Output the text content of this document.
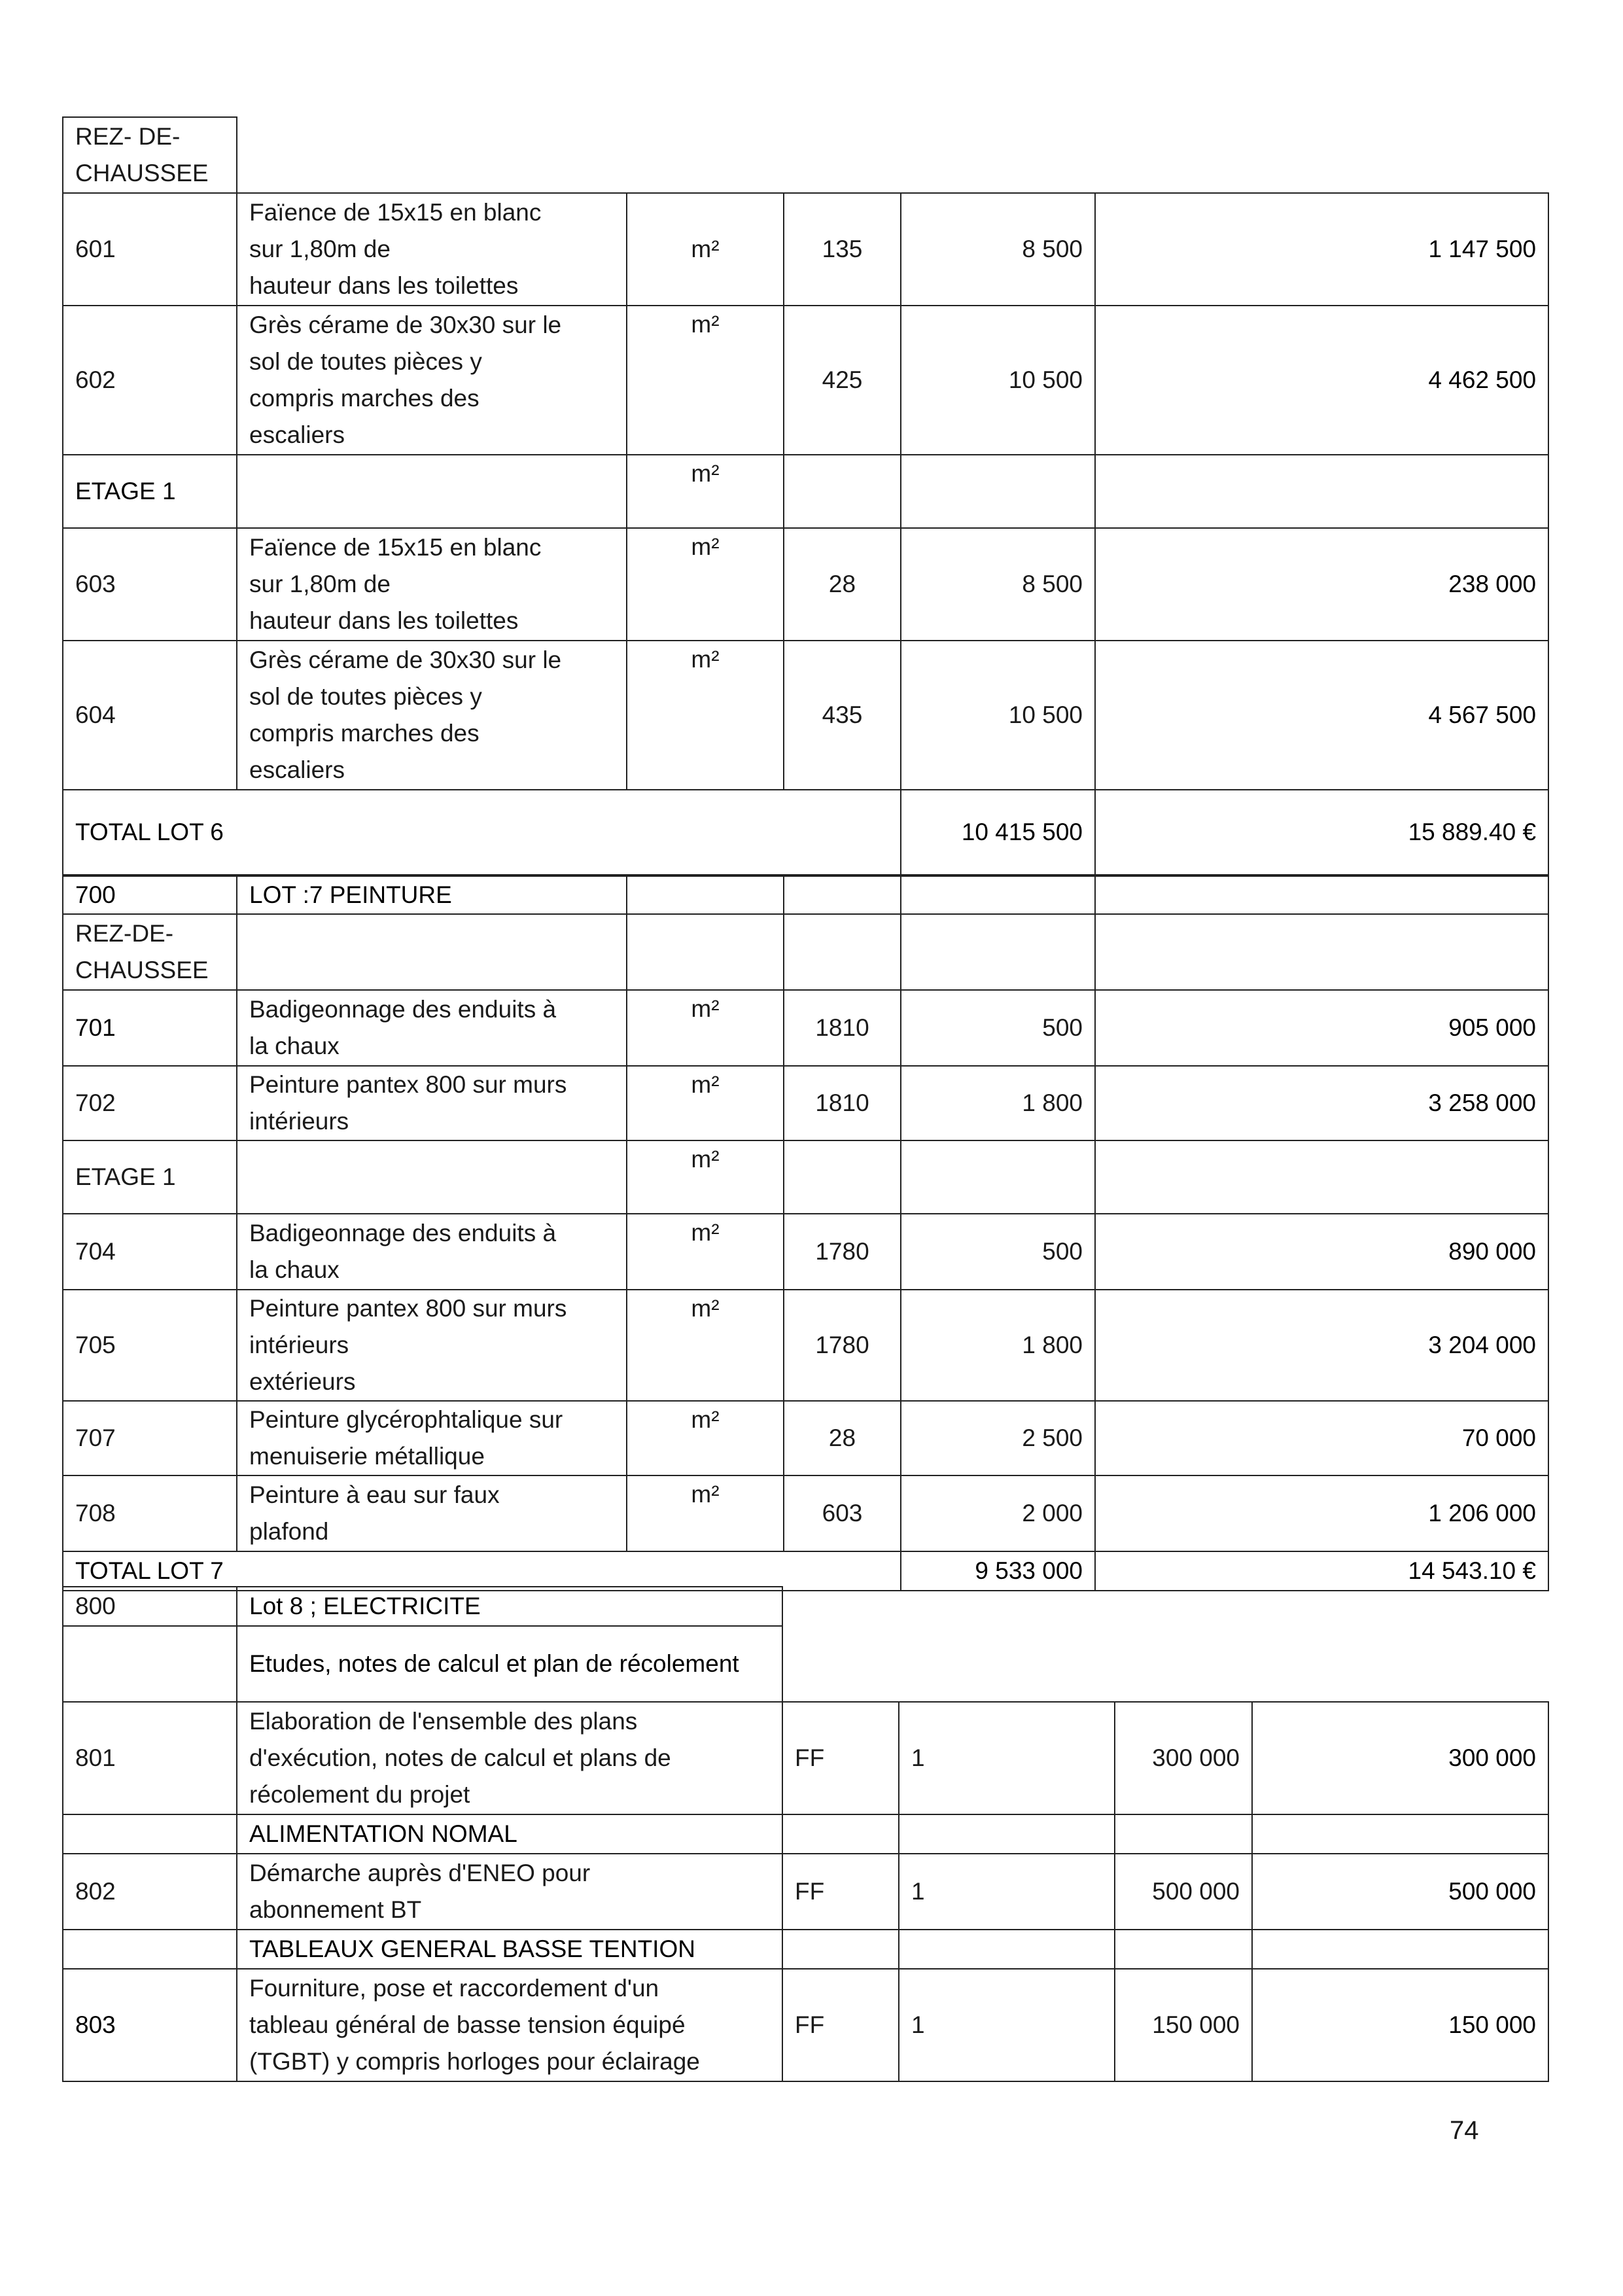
REZ- DE-CHAUSSEE					
601	Faïence de 15x15 en blanc
sur 1,80m de
hauteur dans les toilettes	m²	135	8 500	1 147 500
602	Grès cérame de 30x30 sur le
sol de toutes pièces y
compris marches des
escaliers	m²	425	10 500	4 462 500
ETAGE 1		m²			
603	Faïence de 15x15 en blanc
sur 1,80m de
hauteur dans les toilettes	m²	28	8 500	238 000
604	Grès cérame de 30x30 sur le
sol de toutes pièces y
compris marches des
escaliers	m²	435	10 500	4 567 500
TOTAL LOT 6				10 415 500	15 889.40 €
700	LOT :7 PEINTURE				
REZ-DE-CHAUSSEE					
701	Badigeonnage des enduits à
la chaux	m²	1810	500	905 000
702	Peinture pantex 800 sur murs
intérieurs	m²	1810	1 800	3 258 000
ETAGE 1		m²			
704	Badigeonnage des enduits à
la chaux	m²	1780	500	890 000
705	Peinture pantex 800 sur murs
intérieurs
extérieurs	m²	1780	1 800	3 204 000
707	Peinture glycérophtalique sur
menuiserie métallique	m²	28	2 500	70 000
708	Peinture à eau sur faux
plafond	m²	603	2 000	1 206 000
TOTAL LOT 7				9 533 000	14 543.10 €
800	Lot 8 ; ELECTRICITE				
	Etudes, notes de calcul et plan de récolement				
801	Elaboration de l'ensemble des plans
d'exécution, notes de calcul et plans de
récolement du projet	FF	1	300 000	300 000
	ALIMENTATION NOMAL				
802	Démarche auprès d'ENEO pour
abonnement BT	FF	1	500 000	500 000
	TABLEAUX GENERAL BASSE TENTION				
803	Fourniture, pose et raccordement d'un
tableau général de basse tension équipé
(TGBT) y compris horloges pour éclairage	FF	1	150 000	150 000
74
